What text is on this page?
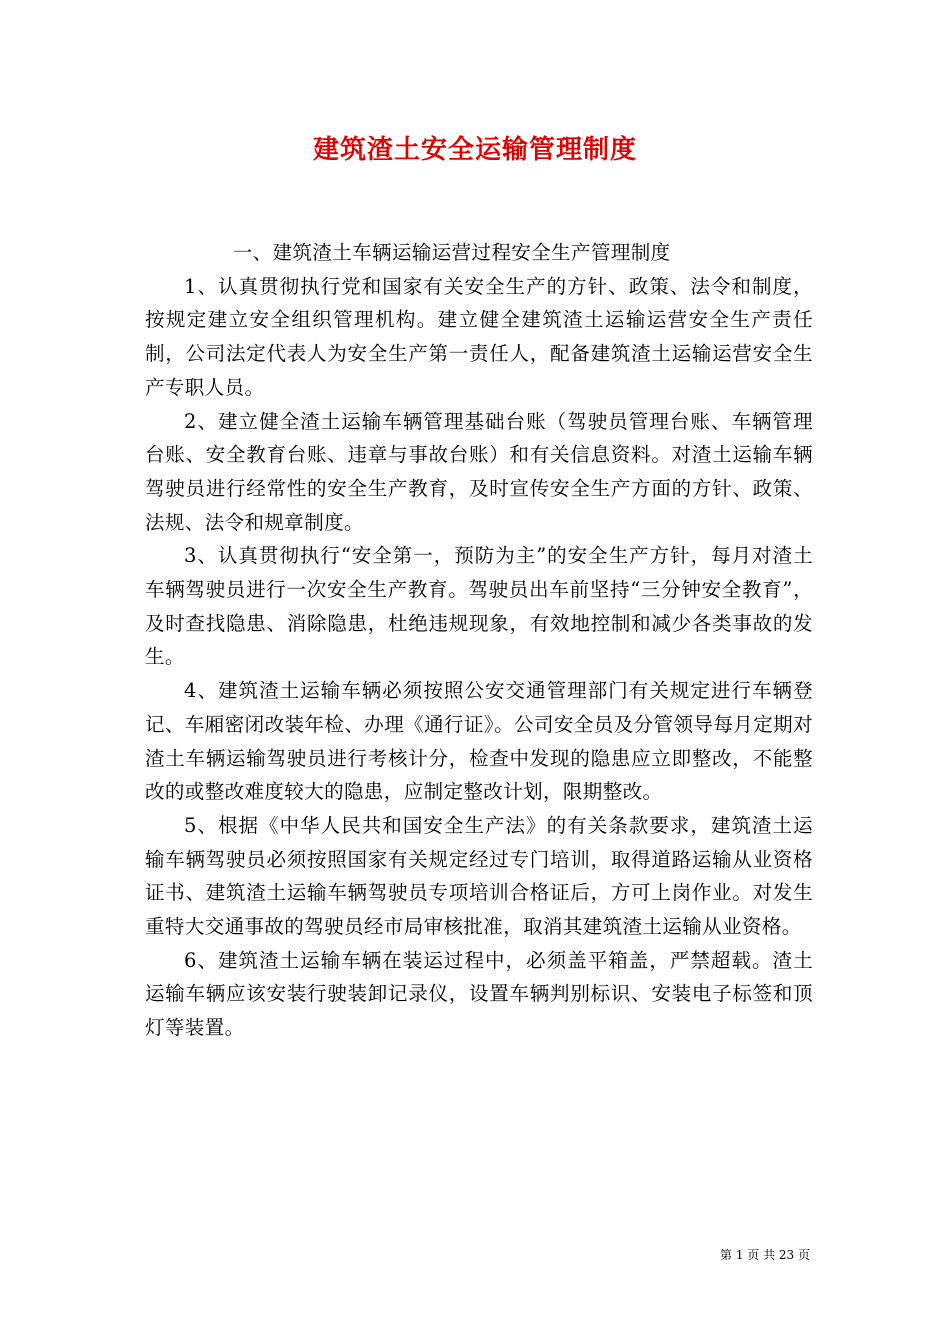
建筑渣土安全运输管理制度

一、建筑渣土车辆运输运营过程安全生产管理制度

1、认真贯彻执行党和国家有关安全生产的方针、政策、法令和制度，按规定建立安全组织管理机构。建立健全建筑渣土运输运营安全生产责任制，公司法定代表人为安全生产第一责任人，配备建筑渣土运输运营安全生产专职人员。

2、建立健全渣土运输车辆管理基础台账（驾驶员管理台账、车辆管理台账、安全教育台账、违章与事故台账）和有关信息资料。对渣土运输车辆驾驶员进行经常性的安全生产教育，及时宣传安全生产方面的方针、政策、法规、法令和规章制度。

3、认真贯彻执行“安全第一，预防为主”的安全生产方针，每月对渣土车辆驾驶员进行一次安全生产教育。驾驶员出车前坚持“三分钟安全教育”，及时查找隐患、消除隐患，杜绝违规现象，有效地控制和减少各类事故的发生。

4、建筑渣土运输车辆必须按照公安交通管理部门有关规定进行车辆登记、车厢密闭改装年检、办理《通行证》。公司安全员及分管领导每月定期对渣土车辆运输驾驶员进行考核计分，检查中发现的隐患应立即整改，不能整改的或整改难度较大的隐患，应制定整改计划，限期整改。

5、根据《中华人民共和国安全生产法》的有关条款要求，建筑渣土运输车辆驾驶员必须按照国家有关规定经过专门培训，取得道路运输从业资格证书、建筑渣土运输车辆驾驶员专项培训合格证后，方可上岗作业。对发生重特大交通事故的驾驶员经市局审核批准，取消其建筑渣土运输从业资格。

6、建筑渣土运输车辆在装运过程中，必须盖平箱盖，严禁超载。渣土运输车辆应该安装行驶装卸记录仪，设置车辆判别标识、安装电子标签和顶灯等装置。

第 1 页 共 23 页
